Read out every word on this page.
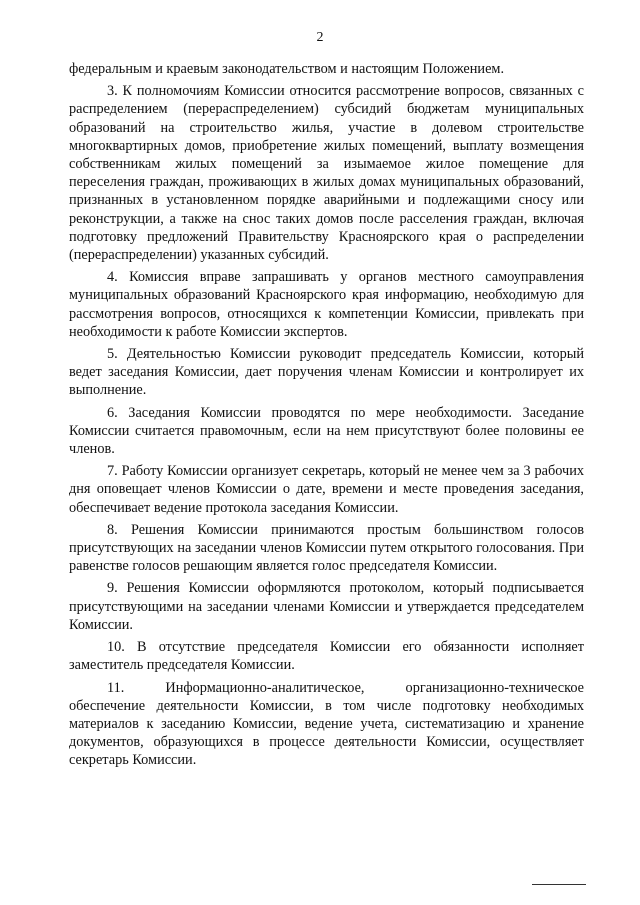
2

федеральным и краевым законодательством и настоящим Положением.

3. К полномочиям Комиссии относится рассмотрение вопросов, связанных с распределением (перераспределением) субсидий бюджетам муниципальных образований на строительство жилья, участие в долевом строительстве многоквартирных домов, приобретение жилых помещений, выплату возмещения собственникам жилых помещений за изымаемое жилое помещение для переселения граждан, проживающих в жилых домах муниципальных образований, признанных в установленном порядке аварийными и подлежащими сносу или реконструкции, а также на снос таких домов после расселения граждан, включая подготовку предложений Правительству Красноярского края о распределении (перераспределении) указанных субсидий.

4. Комиссия вправе запрашивать у органов местного самоуправления муниципальных образований Красноярского края информацию, необходимую для рассмотрения вопросов, относящихся к компетенции Комиссии, привлекать при необходимости к работе Комиссии экспертов.

5. Деятельностью Комиссии руководит председатель Комиссии, который ведет заседания Комиссии, дает поручения членам Комиссии и контролирует их выполнение.

6. Заседания Комиссии проводятся по мере необходимости. Заседание Комиссии считается правомочным, если на нем присутствуют более половины ее членов.

7. Работу Комиссии организует секретарь, который не менее чем за 3 рабочих дня оповещает членов Комиссии о дате, времени и месте проведения заседания, обеспечивает ведение протокола заседания Комиссии.

8. Решения Комиссии принимаются простым большинством голосов присутствующих на заседании членов Комиссии путем открытого голосования. При равенстве голосов решающим является голос председателя Комиссии.

9. Решения Комиссии оформляются протоколом, который подписывается присутствующими на заседании членами Комиссии и утверждается председателем Комиссии.

10. В отсутствие председателя Комиссии его обязанности исполняет заместитель председателя Комиссии.

11. Информационно-аналитическое, организационно-техническое обеспечение деятельности Комиссии, в том числе подготовку необходимых материалов к заседанию Комиссии, ведение учета, систематизацию и хранение документов, образующихся в процессе деятельности Комиссии, осуществляет секретарь Комиссии.
